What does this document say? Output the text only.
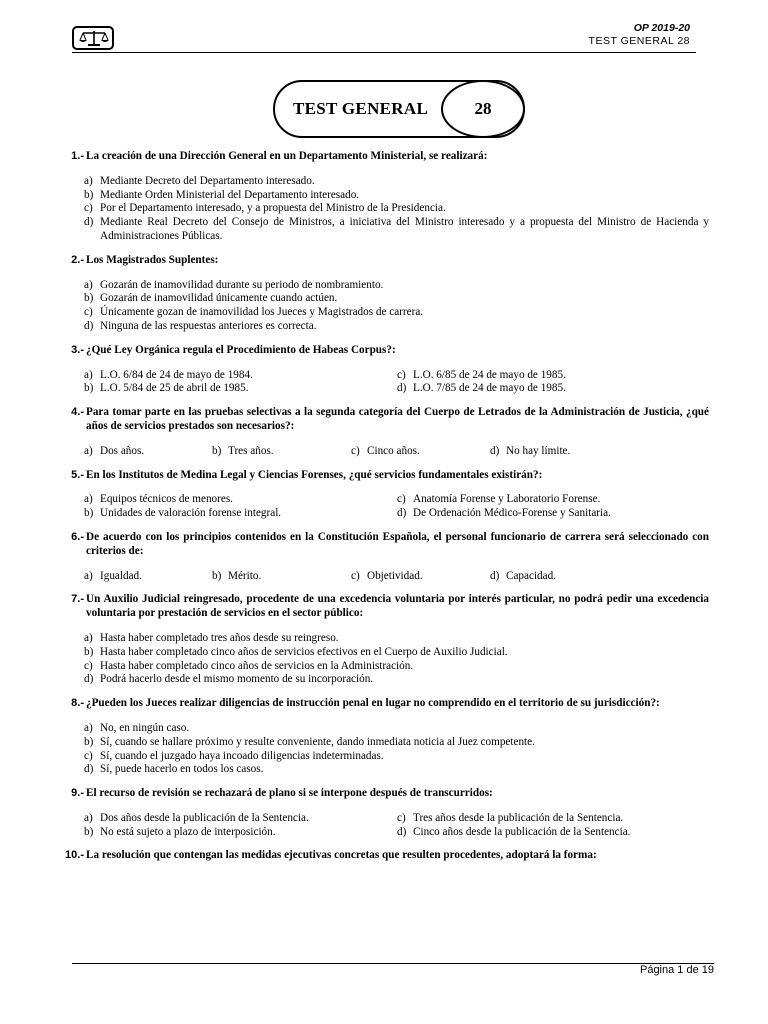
OP 2019-20
TEST GENERAL 28
TEST GENERAL	28
1.- La creación de una Dirección General en un Departamento Ministerial, se realizará:
a) Mediante Decreto del Departamento interesado.
b) Mediante Orden Ministerial del Departamento interesado.
c) Por el Departamento interesado, y a propuesta del Ministro de la Presidencia.
d) Mediante Real Decreto del Consejo de Ministros, a iniciativa del Ministro interesado y a propuesta del Ministro de Hacienda y Administraciones Públicas.
2.- Los Magistrados Suplentes:
a) Gozarán de inamovilidad durante su periodo de nombramiento.
b) Gozarán de inamovilidad únicamente cuando actúen.
c) Únicamente gozan de inamovilidad los Jueces y Magistrados de carrera.
d) Ninguna de las respuestas anteriores es correcta.
3.- ¿Qué Ley Orgánica regula el Procedimiento de Habeas Corpus?:
a) L.O. 6/84 de 24 de mayo de 1984.	c) L.O. 6/85 de 24 de mayo de 1985.
b) L.O. 5/84 de 25 de abril de 1985.	d) L.O. 7/85 de 24 de mayo de 1985.
4.- Para tomar parte en las pruebas selectivas a la segunda categoría del Cuerpo de Letrados de la Administración de Justicia, ¿qué años de servicios prestados son necesarios?:
a) Dos años.	b) Tres años.	c) Cinco años.	d) No hay límite.
5.- En los Institutos de Medina Legal y Ciencias Forenses, ¿qué servicios fundamentales existirán?:
a) Equipos técnicos de menores.	c) Anatomía Forense y Laboratorio Forense.
b) Unidades de valoración forense integral.	d) De Ordenación Médico-Forense y Sanitaria.
6.- De acuerdo con los principios contenidos en la Constitución Española, el personal funcionario de carrera será seleccionado con criterios de:
a) Igualdad.	b) Mérito.	c) Objetividad.	d) Capacidad.
7.- Un Auxilio Judicial reingresado, procedente de una excedencia voluntaria por interés particular, no podrá pedir una excedencia voluntaria por prestación de servicios en el sector público:
a) Hasta haber completado tres años desde su reingreso.
b) Hasta haber completado cinco años de servicios efectivos en el Cuerpo de Auxilio Judicial.
c) Hasta haber completado cinco años de servicios en la Administración.
d) Podrá hacerlo desde el mismo momento de su incorporación.
8.- ¿Pueden los Jueces realizar diligencias de instrucción penal en lugar no comprendido en el territorio de su jurisdicción?:
a) No, en ningún caso.
b) Sí, cuando se hallare próximo y resulte conveniente, dando inmediata noticia al Juez competente.
c) Sí, cuando el juzgado haya incoado diligencias indeterminadas.
d) Sí, puede hacerlo en todos los casos.
9.- El recurso de revisión se rechazará de plano si se interpone después de transcurridos:
a) Dos años desde la publicación de la Sentencia.	c) Tres años desde la publicación de la Sentencia.
b) No está sujeto a plazo de interposición.	d) Cinco años desde la publicación de la Sentencia.
10.- La resolución que contengan las medidas ejecutivas concretas que resulten procedentes, adoptará la forma:
Página 1 de 19
